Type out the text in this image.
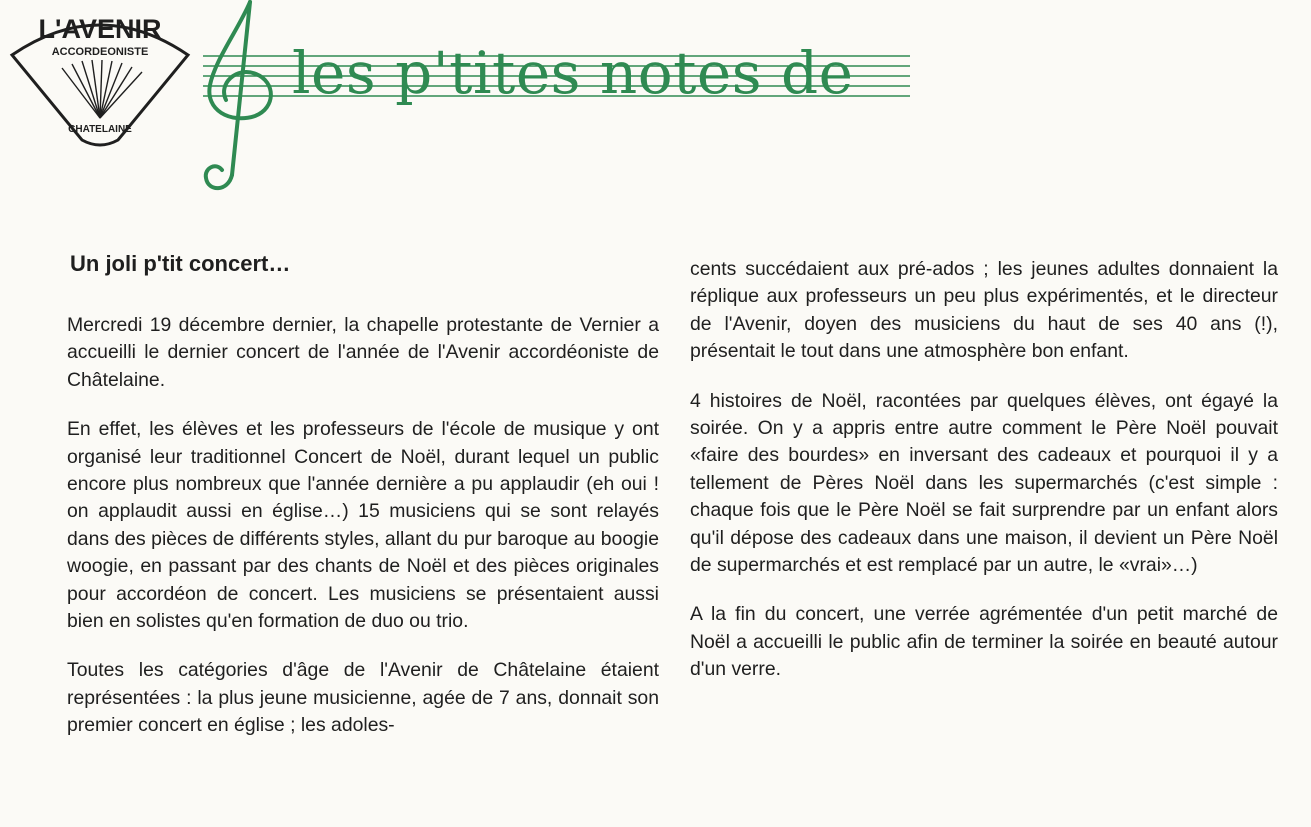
les p'tites notes de
L'AVENIR
ACCORDEONISTE
CHATELAINE
Un joli p'tit concert…

Mercredi 19 décembre dernier, la chapelle protestante de Vernier a accueilli le dernier concert de l'année de l'Avenir accordéoniste de Châtelaine.

En effet, les élèves et les professeurs de l'école de musique y ont organisé leur traditionnel Concert de Noël, durant lequel un public encore plus nombreux que l'année dernière a pu applaudir (eh oui ! on applaudit aussi en église…) 15 musiciens qui se sont relayés dans des pièces de différents styles, allant du pur baroque au boogie woogie, en passant par des chants de Noël et des pièces originales pour accordéon de concert. Les musiciens se présentaient aussi bien en solistes qu'en formation de duo ou trio.

Toutes les catégories d'âge de l'Avenir de Châtelaine étaient représentées : la plus jeune musicienne, agée de 7 ans, donnait son premier concert en église ; les adoles-

cents succédaient aux pré-ados ; les jeunes adultes donnaient la réplique aux professeurs un peu plus expérimentés, et le directeur de l'Avenir, doyen des musiciens du haut de ses 40 ans (!), présentait le tout dans une atmosphère bon enfant.

4 histoires de Noël, racontées par quelques élèves, ont égayé la soirée. On y a appris entre autre comment le Père Noël pouvait «faire des bourdes» en inversant des cadeaux et pourquoi il y a tellement de Pères Noël dans les supermarchés (c'est simple : chaque fois que le Père Noël se fait surprendre par un enfant alors qu'il dépose des cadeaux dans une maison, il devient un Père Noël de supermarchés et est remplacé par un autre, le «vrai»…)

A la fin du concert, une verrée agrémentée d'un petit marché de Noël a accueilli le public afin de terminer la soirée en beauté autour d'un verre.
